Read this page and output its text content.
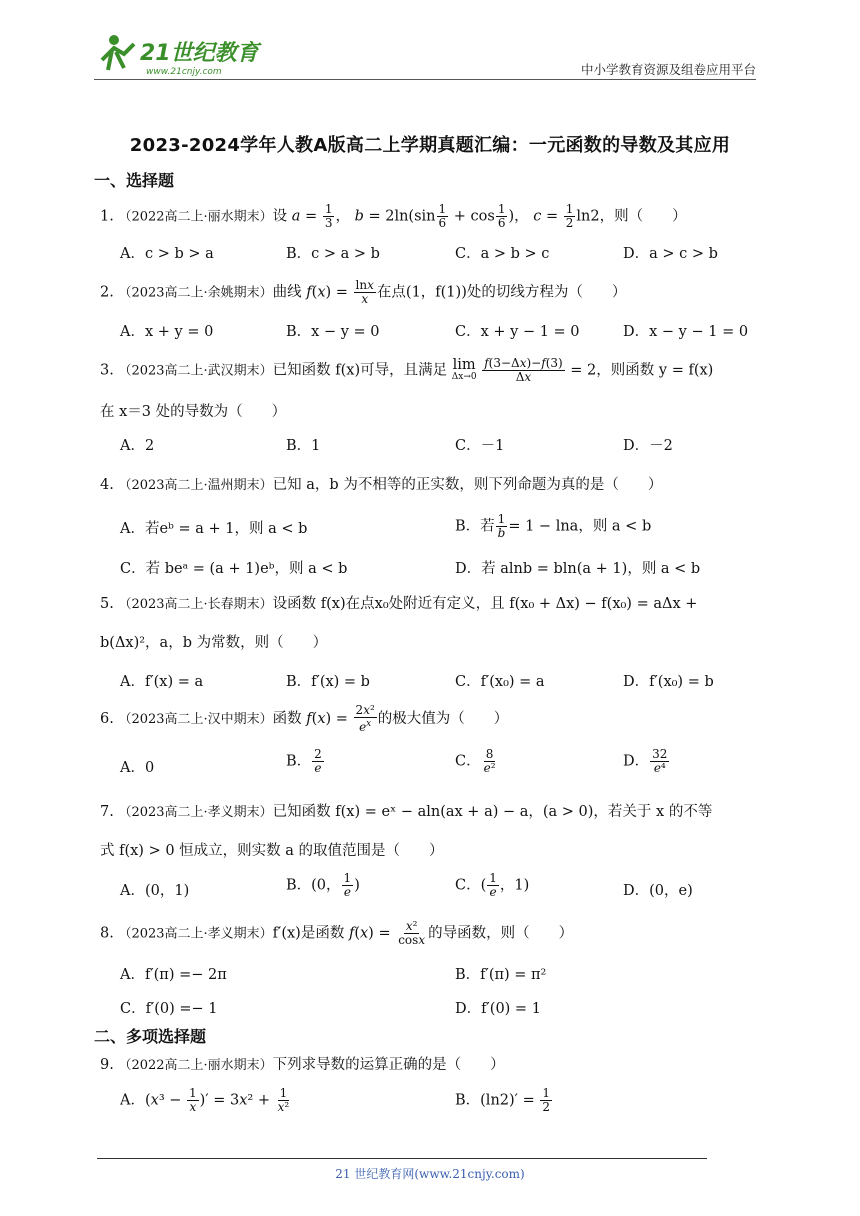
21世纪教育
www.21cnjy.com	中小学教育资源及组卷应用平台
2023-2024学年人教A版高二上学期真题汇编：一元函数的导数及其应用
一、选择题
1. （2022高二上·丽水期末）设 $a = \frac{1}{3}$ ， $b = 2\ln(\sin \frac{1}{6} + \cos \frac{1}{6}$ )， $c = \frac{1}{2} \ln 2$，则（　　）
A．c > b > a	B．c > a > b	C．a > b > c	D．a > c > b
2. （2023高二上·余姚期末）曲线 $f(x) = \frac{\ln x}{x}$ 在点(1，f(1))处的切线方程为（　　）
A．x + y = 0	B．x − y = 0	C．x + y − 1 = 0	D．x − y − 1 = 0
3. （2023高二上·武汉期末）已知函数 f(x)可导，且满足 lim
Δx→0
$\frac{f(3-\Delta x)-f(3)}{\Delta x} = 2$，则函数 y = f(x)
在 x＝3 处的导数为（　　）
A．2	B．1	C．－1	D．－2
4. （2023高二上·温州期末）已知 a，b 为不相等的正实数，则下列命题为真的是（　　）
A．若eᵇ = a + 1，则 a < b	B．若 $\frac{1}{b} = 1 - \ln a$，则 a < b
C．若 beᵃ = (a + 1)eᵇ，则 a < b	D．若 alnb = bln(a + 1)，则 a < b
5. （2023高二上·长春期末）设函数 f(x)在点x₀处附近有定义，且 f(x₀ + Δx) − f(x₀) = aΔx +
b(Δx)²，a，b 为常数，则（　　）
A．f′(x) = a	B．f′(x) = b	C．f′(x₀) = a	D．f′(x₀) = b
6. （2023高二上·汉中期末）函数 $f(x) = \frac{\text{2x²}}{e^x}$ 的极大值为（　　）
A．0	B． $\frac{2}{e}$	C． $\frac{8}{\text{e²}}$	D． $\frac{32}{\text{e⁴}}$
7. （2023高二上·孝义期末）已知函数 f(x) = eˣ − aln(ax + a) − a，(a > 0)，若关于 x 的不等
式 f(x) > 0 恒成立，则实数 a 的取值范围是（　　）
A．(0，1)	B．(0， $\frac{1}{e}$ )	C．( $\frac{1}{e}$ ，1)	D．(0，e)
8. （2023高二上·孝义期末）f′(x)是函数 $f(x) = \frac{\text{x²}}{\cos x}$ 的导函数，则（　　）
A．f′(π) =− 2π	B．f′(π) = π²
C．f′(0) =− 1	D．f′(0) = 1
二、多项选择题
9. （2022高二上·丽水期末）下列求导数的运算正确的是（　　）
A．($x^3 - \frac{1}{x}$ )′ = $3x^2 + \frac{1}{\text{x²}}$	B．$(\ln 2)' = \frac{1}{2}$
21 世纪教育网(www.21cnjy.com)
